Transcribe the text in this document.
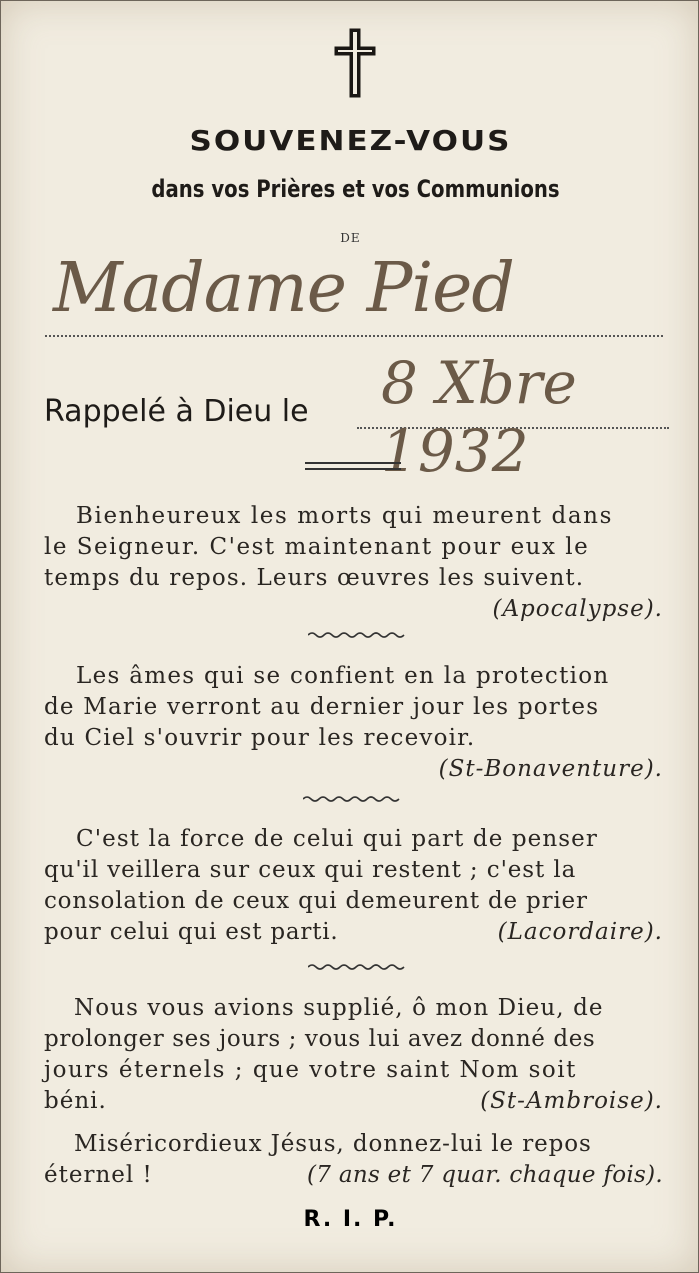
SOUVENEZ-VOUS
dans vos Prières et vos Communions
DE
Madame Pied
Rappelé à Dieu le 8 Xbre 1932
Bienheureux les morts qui meurent dans
le Seigneur. C'est maintenant pour eux le
temps du repos. Leurs œuvres les suivent.
(Apocalypse).
Les âmes qui se confient en la protection
de Marie verront au dernier jour les portes
du Ciel s'ouvrir pour les recevoir.
(St-Bonaventure).
C'est la force de celui qui part de penser
qu'il veillera sur ceux qui restent ; c'est la
consolation de ceux qui demeurent de prier
pour celui qui est parti.	(Lacordaire).
Nous vous avions supplié, ô mon Dieu, de
prolonger ses jours ; vous lui avez donné des
jours éternels ; que votre saint Nom soit
béni.	(St-Ambroise).
Miséricordieux Jésus, donnez-lui le repos
éternel !	(7 ans et 7 quar. chaque fois).
R. I. P.
